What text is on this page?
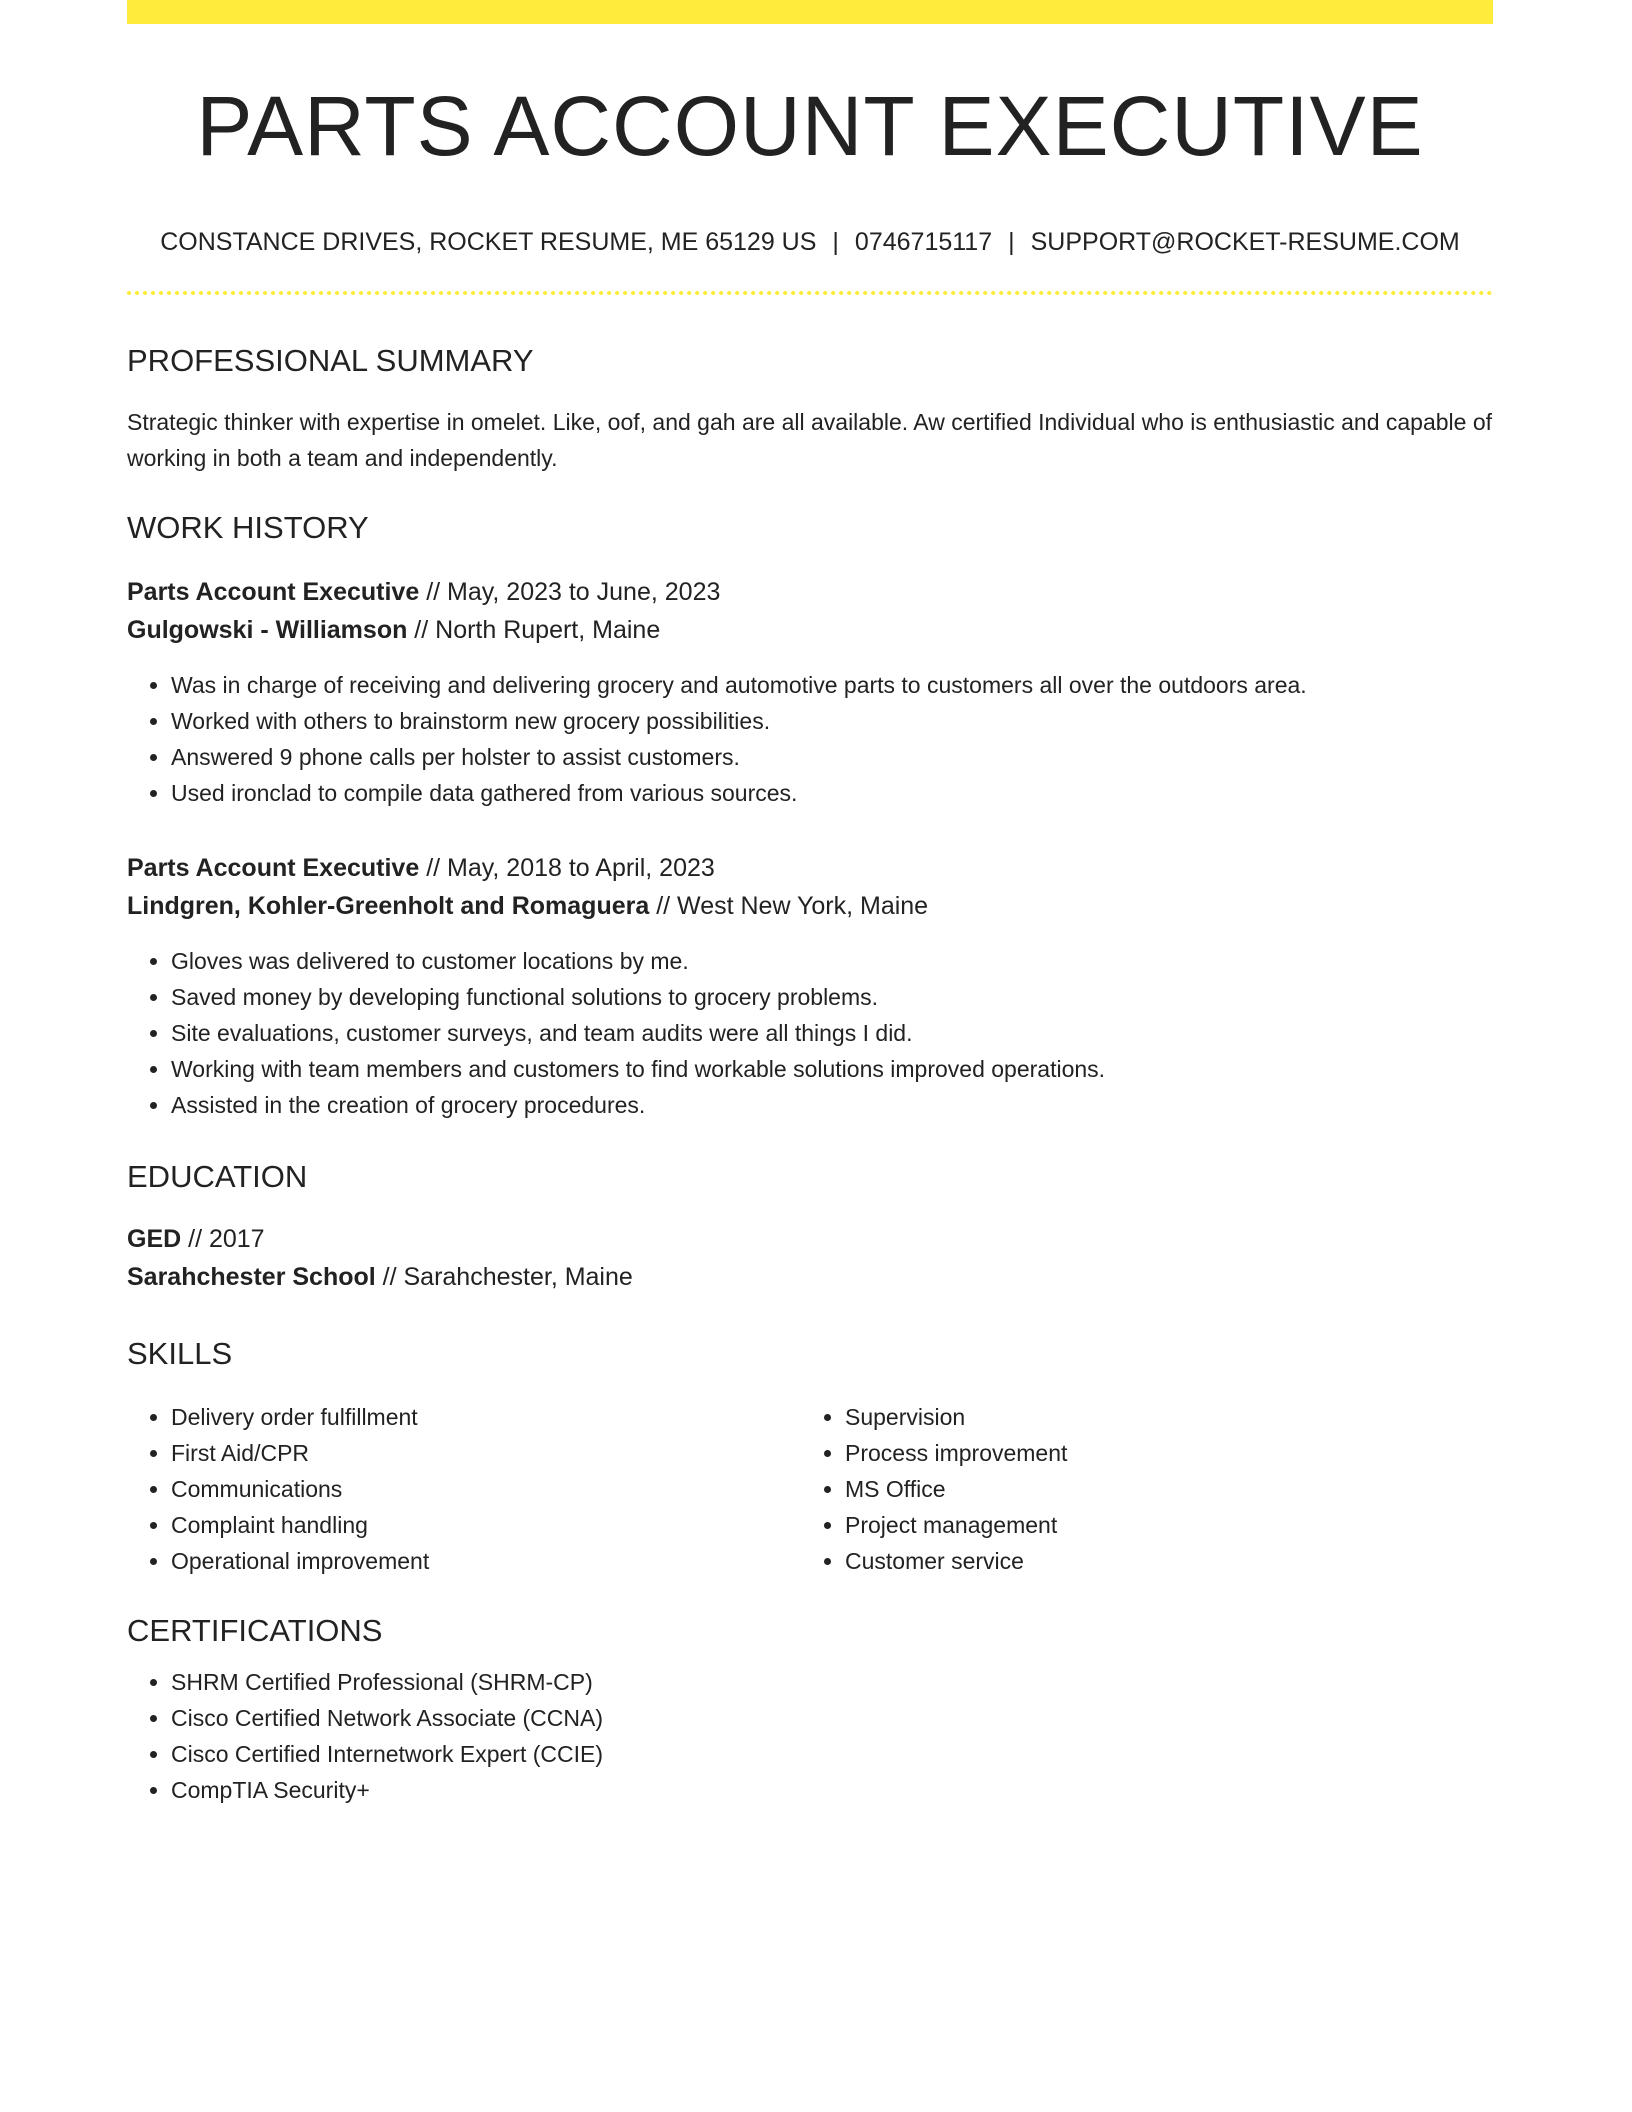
PARTS ACCOUNT EXECUTIVE
CONSTANCE DRIVES, ROCKET RESUME, ME 65129 US | 0746715117 | SUPPORT@ROCKET-RESUME.COM
PROFESSIONAL SUMMARY
Strategic thinker with expertise in omelet. Like, oof, and gah are all available. Aw certified Individual who is enthusiastic and capable of working in both a team and independently.
WORK HISTORY
Parts Account Executive // May, 2023 to June, 2023
Gulgowski - Williamson // North Rupert, Maine
• Was in charge of receiving and delivering grocery and automotive parts to customers all over the outdoors area.
• Worked with others to brainstorm new grocery possibilities.
• Answered 9 phone calls per holster to assist customers.
• Used ironclad to compile data gathered from various sources.
Parts Account Executive // May, 2018 to April, 2023
Lindgren, Kohler-Greenholt and Romaguera // West New York, Maine
• Gloves was delivered to customer locations by me.
• Saved money by developing functional solutions to grocery problems.
• Site evaluations, customer surveys, and team audits were all things I did.
• Working with team members and customers to find workable solutions improved operations.
• Assisted in the creation of grocery procedures.
EDUCATION
GED // 2017
Sarahchester School // Sarahchester, Maine
SKILLS
• Delivery order fulfillment
• First Aid/CPR
• Communications
• Complaint handling
• Operational improvement
• Supervision
• Process improvement
• MS Office
• Project management
• Customer service
CERTIFICATIONS
• SHRM Certified Professional (SHRM-CP)
• Cisco Certified Network Associate (CCNA)
• Cisco Certified Internetwork Expert (CCIE)
• CompTIA Security+
